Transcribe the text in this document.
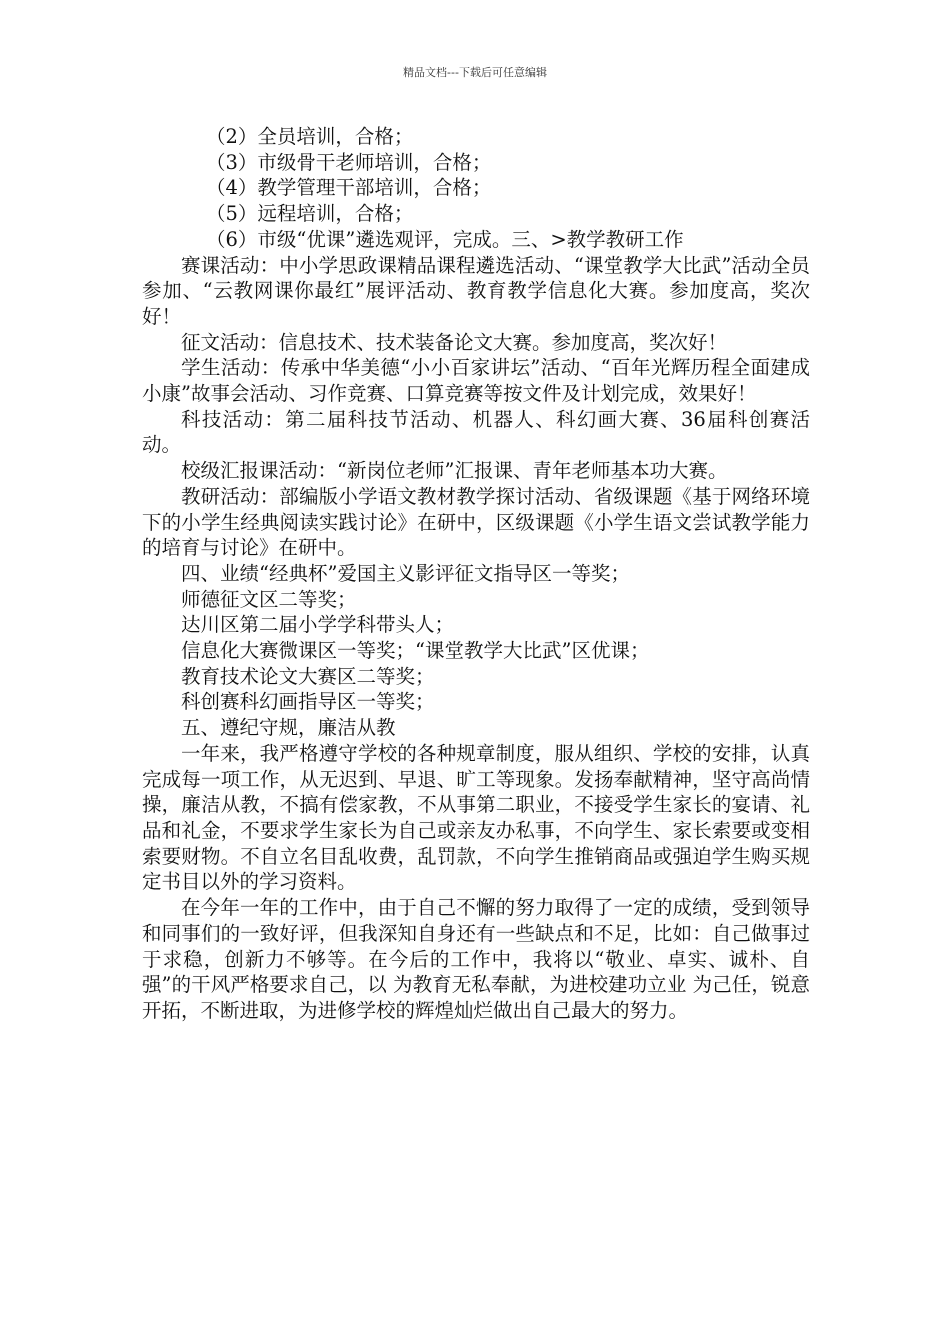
精品文档---下载后可任意编辑

（2）全员培训，合格；

（3）市级骨干老师培训，合格；

（4）教学管理干部培训，合格；

（5）远程培训，合格；

（6）市级“优课”遴选观评，完成。三、>教学教研工作

赛课活动：中小学思政课精品课程遴选活动、“课堂教学大比武”活动全员参加、“云教网课你最红”展评活动、教育教学信息化大赛。参加度高，奖次好！

征文活动：信息技术、技术装备论文大赛。参加度高，奖次好！

学生活动：传承中华美德“小小百家讲坛”活动、“百年光辉历程全面建成小康”故事会活动、习作竞赛、口算竞赛等按文件及计划完成，效果好！

科技活动：第二届科技节活动、机器人、科幻画大赛、36届科创赛活动。

校级汇报课活动：“新岗位老师”汇报课、青年老师基本功大赛。

教研活动：部编版小学语文教材教学探讨活动、省级课题《基于网络环境下的小学生经典阅读实践讨论》在研中，区级课题《小学生语文尝试教学能力的培育与讨论》在研中。

四、业绩“经典杯”爱国主义影评征文指导区一等奖；

师德征文区二等奖；

达川区第二届小学学科带头人；

信息化大赛微课区一等奖；“课堂教学大比武”区优课；

教育技术论文大赛区二等奖；

科创赛科幻画指导区一等奖；

五、遵纪守规，廉洁从教

一年来，我严格遵守学校的各种规章制度，服从组织、学校的安排，认真完成每一项工作，从无迟到、早退、旷工等现象。发扬奉献精神，坚守高尚情操，廉洁从教，不搞有偿家教，不从事第二职业，不接受学生家长的宴请、礼品和礼金，不要求学生家长为自己或亲友办私事，不向学生、家长索要或变相索要财物。不自立名目乱收费，乱罚款，不向学生推销商品或强迫学生购买规定书目以外的学习资料。

在今年一年的工作中，由于自己不懈的努力取得了一定的成绩，受到领导和同事们的一致好评，但我深知自身还有一些缺点和不足，比如：自己做事过于求稳，创新力不够等。在今后的工作中，我将以“敬业、卓实、诚朴、自强”的干风严格要求自己，以 为教育无私奉献，为进校建功立业 为己任，锐意开拓，不断进取，为进修学校的辉煌灿烂做出自己最大的努力。
